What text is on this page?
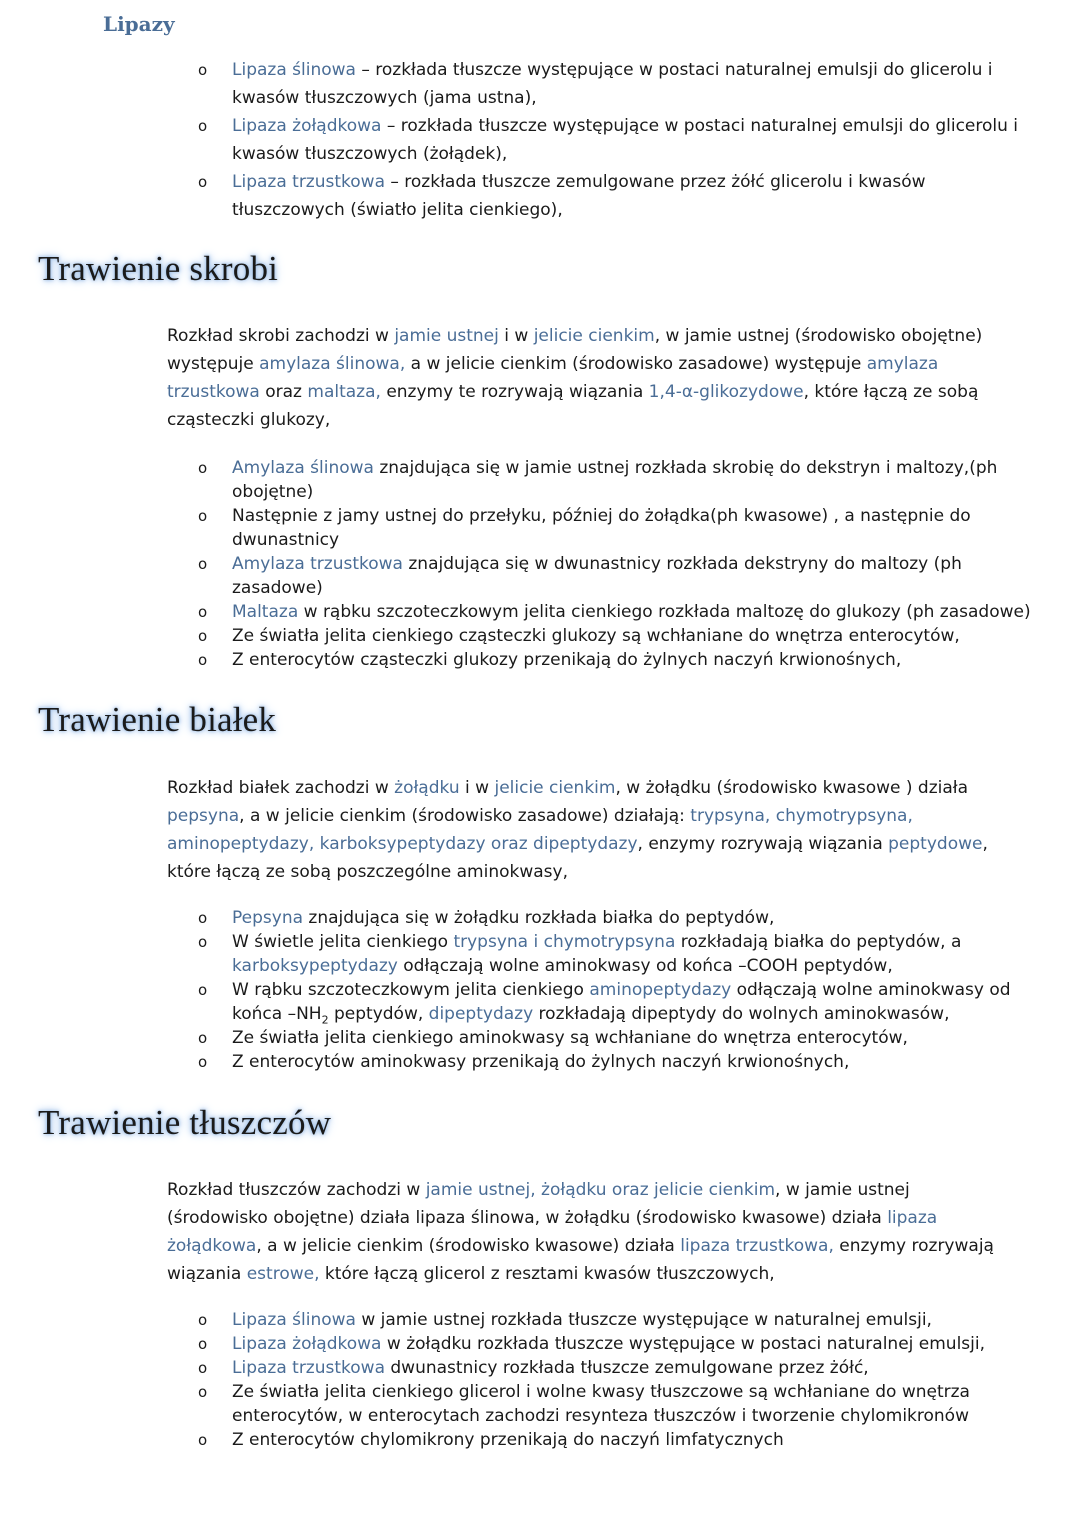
Lipazy
o Lipaza ślinowa – rozkłada tłuszcze występujące w postaci naturalnej emulsji do glicerolu i kwasów tłuszczowych (jama ustna),
o Lipaza żołądkowa – rozkłada tłuszcze występujące w postaci naturalnej emulsji do glicerolu i kwasów tłuszczowych (żołądek),
o Lipaza trzustkowa – rozkłada tłuszcze zemulgowane przez żółć glicerolu i kwasów tłuszczowych (światło jelita cienkiego),
Trawienie skrobi

Rozkład skrobi zachodzi w jamie ustnej i w jelicie cienkim, w jamie ustnej (środowisko obojętne) występuje amylaza ślinowa, a w jelicie cienkim (środowisko zasadowe) występuje amylaza trzustkowa oraz maltaza, enzymy te rozrywają wiązania 1,4-α-glikozydowe, które łączą ze sobą cząsteczki glukozy,

o Amylaza ślinowa znajdująca się w jamie ustnej rozkłada skrobię do dekstryn i maltozy,(ph obojętne)
o Następnie z jamy ustnej do przełyku, później do żołądka(ph kwasowe) , a następnie do dwunastnicy
o Amylaza trzustkowa znajdująca się w dwunastnicy rozkłada dekstryny do maltozy (ph zasadowe)
o Maltaza w rąbku szczoteczkowym jelita cienkiego rozkłada maltozę do glukozy (ph zasadowe)
o Ze światła jelita cienkiego cząsteczki glukozy są wchłaniane do wnętrza enterocytów,
o Z enterocytów cząsteczki glukozy przenikają do żylnych naczyń krwionośnych,
Trawienie białek

Rozkład białek zachodzi w żołądku i w jelicie cienkim, w żołądku (środowisko kwasowe ) działa pepsyna, a w jelicie cienkim (środowisko zasadowe) działają: trypsyna, chymotrypsyna, aminopeptydazy, karboksypeptydazy oraz dipeptydazy, enzymy rozrywają wiązania peptydowe, które łączą ze sobą poszczególne aminokwasy,

o Pepsyna znajdująca się w żołądku rozkłada białka do peptydów,
o W świetle jelita cienkiego trypsyna i chymotrypsyna rozkładają białka do peptydów, a karboksypeptydazy odłączają wolne aminokwasy od końca –COOH peptydów,
o W rąbku szczoteczkowym jelita cienkiego aminopeptydazy odłączają wolne aminokwasy od końca $-NH_2$ peptydów, dipeptydazy rozkładają dipeptydy do wolnych aminokwasów,
o Ze światła jelita cienkiego aminokwasy są wchłaniane do wnętrza enterocytów,
o Z enterocytów aminokwasy przenikają do żylnych naczyń krwionośnych,
Trawienie tłuszczów

Rozkład tłuszczów zachodzi w jamie ustnej, żołądku oraz jelicie cienkim, w jamie ustnej (środowisko obojętne) działa lipaza ślinowa, w żołądku (środowisko kwasowe) działa lipaza żołądkowa, a w jelicie cienkim (środowisko kwasowe) działa lipaza trzustkowa, enzymy rozrywają wiązania estrowe, które łączą glicerol z resztami kwasów tłuszczowych,

o Lipaza ślinowa w jamie ustnej rozkłada tłuszcze występujące w naturalnej emulsji,
o Lipaza żołądkowa w żołądku rozkłada tłuszcze występujące w postaci naturalnej emulsji,
o Lipaza trzustkowa dwunastnicy rozkłada tłuszcze zemulgowane przez żółć,
o Ze światła jelita cienkiego glicerol i wolne kwasy tłuszczowe są wchłaniane do wnętrza enterocytów, w enterocytach zachodzi resynteza tłuszczów i tworzenie chylomikronów
o Z enterocytów chylomikrony przenikają do naczyń limfatycznych
